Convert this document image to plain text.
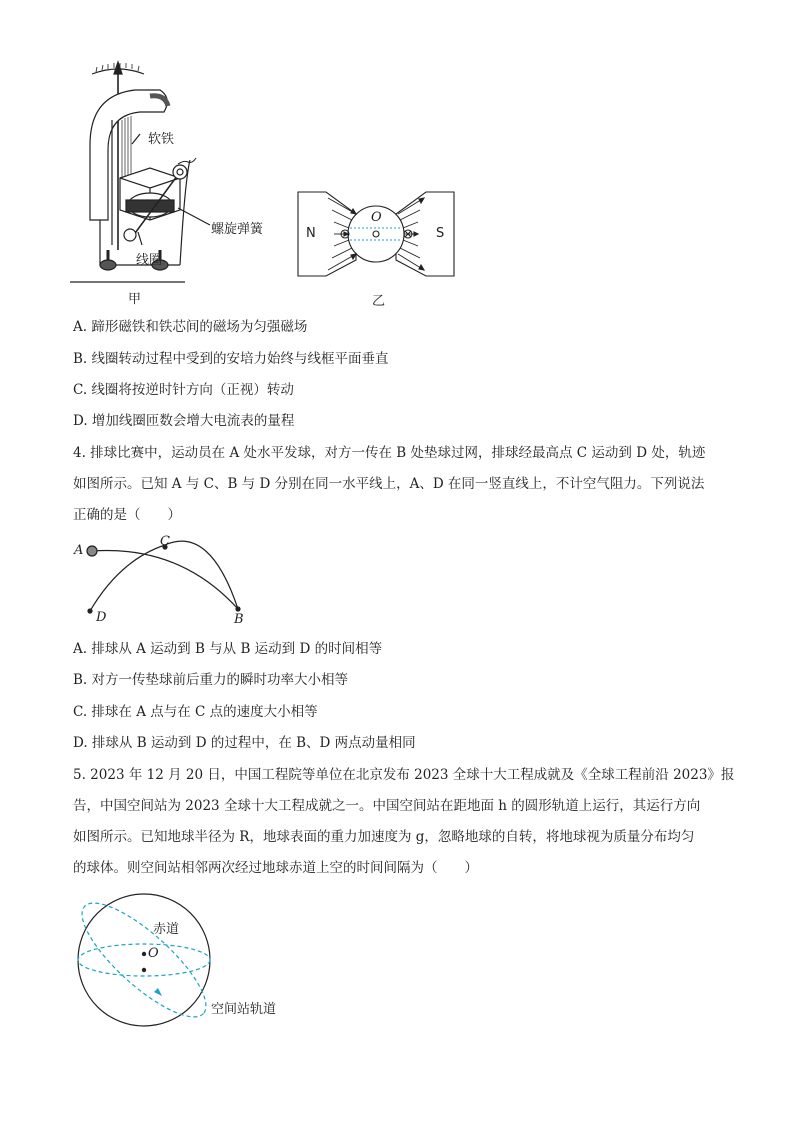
软铁
螺旋弹簧
线圈
甲
N	S
O
乙
A. 蹄形磁铁和铁芯间的磁场为匀强磁场
B. 线圈转动过程中受到的安培力始终与线框平面垂直
C. 线圈将按逆时针方向（正视）转动
D. 增加线圈匝数会增大电流表的量程
4. 排球比赛中，运动员在 A 处水平发球，对方一传在 B 处垫球过网，排球经最高点 C 运动到 D 处，轨迹
如图所示。已知 A 与 C、B 与 D 分别在同一水平线上，A、D 在同一竖直线上，不计空气阻力。下列说法
正确的是（　　）
A
C
D	B
A. 排球从 A 运动到 B 与从 B 运动到 D 的时间相等
B. 对方一传垫球前后重力的瞬时功率大小相等
C. 排球在 A 点与在 C 点的速度大小相等
D. 排球从 B 运动到 D 的过程中，在 B、D 两点动量相同
5. 2023 年 12 月 20 日，中国工程院等单位在北京发布 2023 全球十大工程成就及《全球工程前沿 2023》报
告，中国空间站为 2023 全球十大工程成就之一。中国空间站在距地面 h 的圆形轨道上运行，其运行方向
如图所示。已知地球半径为 R，地球表面的重力加速度为 g，忽略地球的自转，将地球视为质量分布均匀
的球体。则空间站相邻两次经过地球赤道上空的时间间隔为（　　）
赤道
O
空间站轨道
